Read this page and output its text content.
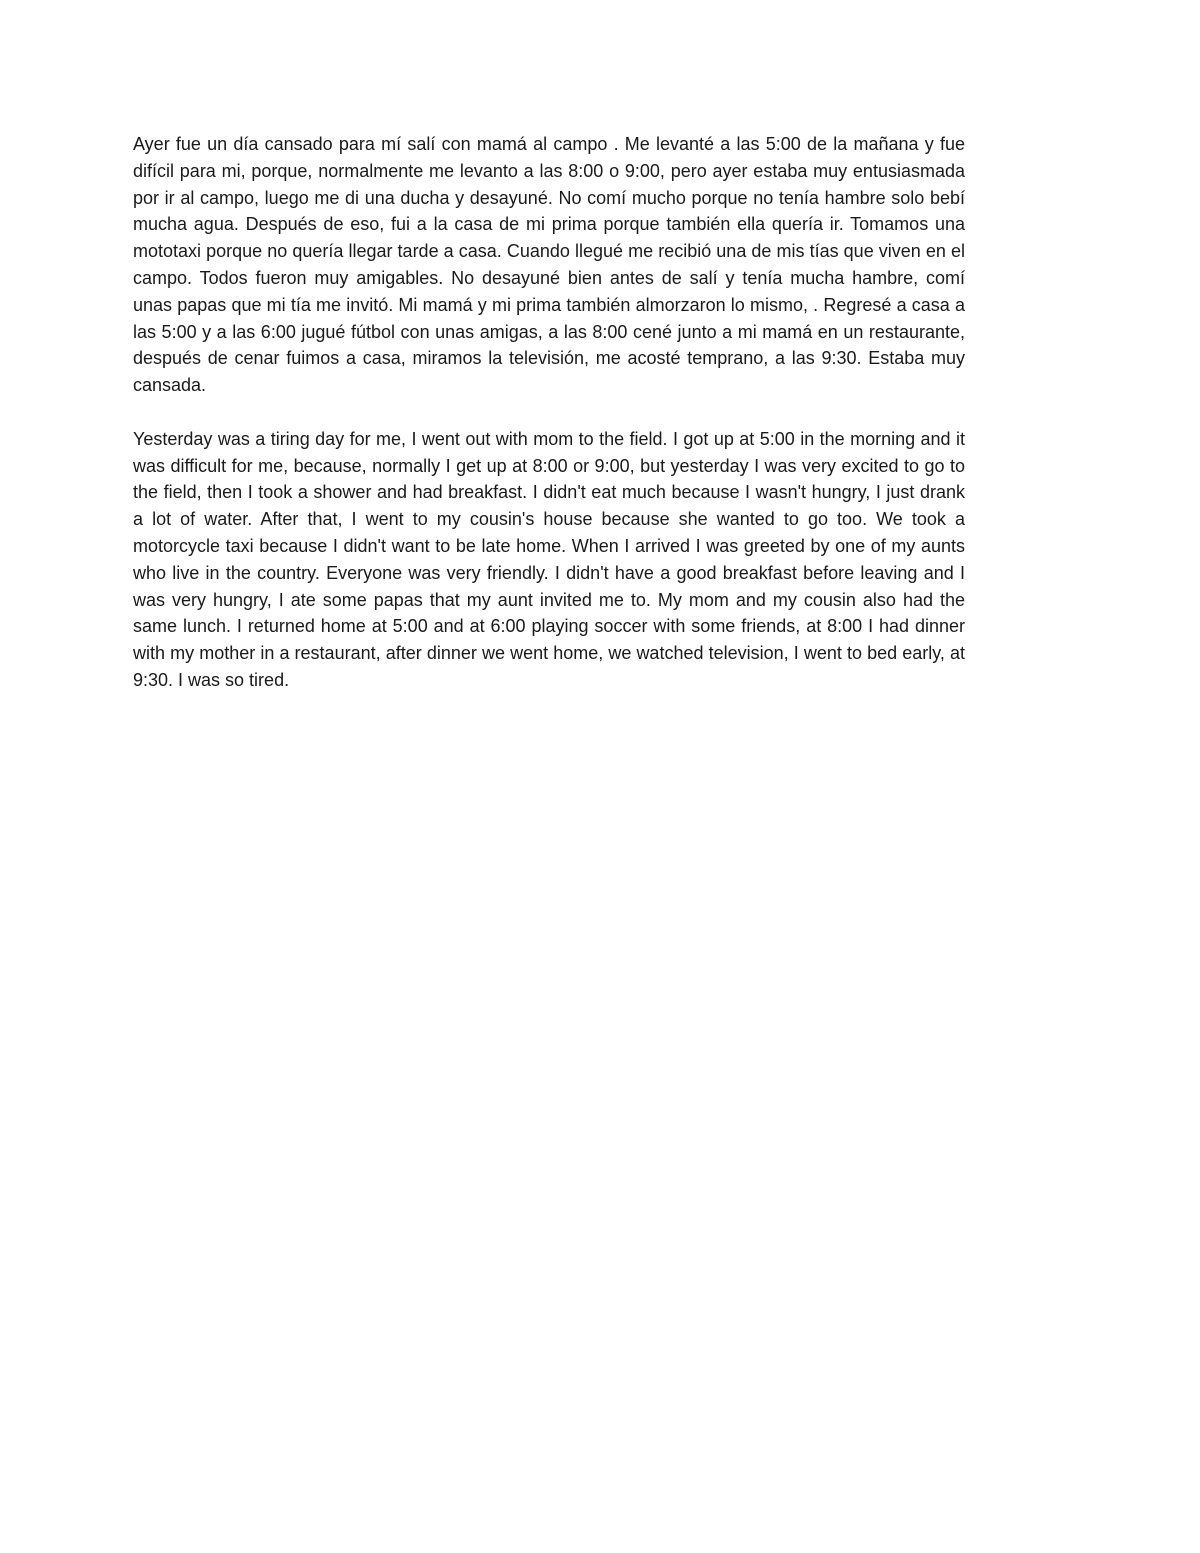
Ayer fue un día cansado para mí salí con mamá al campo . Me levanté a las 5:00 de la mañana y fue difícil para mi, porque, normalmente me levanto a las 8:00 o 9:00, pero ayer estaba muy entusiasmada por ir al campo, luego me di una ducha y desayuné. No comí mucho porque no tenía hambre solo bebí mucha agua. Después de eso, fui a la casa de mi prima porque también ella quería ir. Tomamos una mototaxi porque no quería llegar tarde a casa. Cuando llegué me recibió una de mis tías que viven en el campo. Todos fueron muy amigables. No desayuné bien antes de salí y tenía mucha hambre, comí unas papas que mi tía me invitó. Mi mamá y mi prima también almorzaron lo mismo, . Regresé a casa a las 5:00 y a las 6:00 jugué fútbol con unas amigas, a las 8:00 cené junto a mi mamá en un restaurante, después de cenar fuimos a casa, miramos la televisión, me acosté temprano, a las 9:30. Estaba muy cansada.

Yesterday was a tiring day for me, I went out with mom to the field. I got up at 5:00 in the morning and it was difficult for me, because, normally I get up at 8:00 or 9:00, but yesterday I was very excited to go to the field, then I took a shower and had breakfast. I didn't eat much because I wasn't hungry, I just drank a lot of water. After that, I went to my cousin's house because she wanted to go too. We took a motorcycle taxi because I didn't want to be late home. When I arrived I was greeted by one of my aunts who live in the country. Everyone was very friendly. I didn't have a good breakfast before leaving and I was very hungry, I ate some papas that my aunt invited me to. My mom and my cousin also had the same lunch. I returned home at 5:00 and at 6:00 playing soccer with some friends, at 8:00 I had dinner with my mother in a restaurant, after dinner we went home, we watched television, I went to bed early, at 9:30. I was so tired.
